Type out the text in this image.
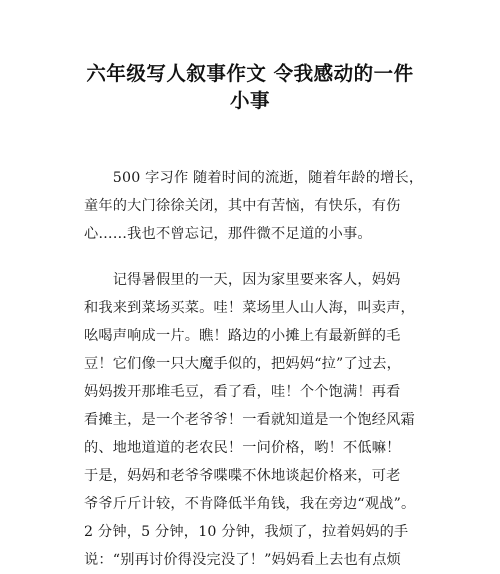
六年级写人叙事作文 令我感动的一件
小事
　　500 字习作 随着时间的流逝，随着年龄的增长，
童年的大门徐徐关闭，其中有苦恼，有快乐，有伤
心……我也不曾忘记，那件微不足道的小事。
　　记得暑假里的一天，因为家里要来客人，妈妈
和我来到菜场买菜。哇！菜场里人山人海，叫卖声，
吆喝声响成一片。瞧！路边的小摊上有最新鲜的毛
豆！它们像一只大魔手似的，把妈妈“拉”了过去，
妈妈拨开那堆毛豆，看了看，哇！个个饱满！再看
看摊主，是一个老爷爷！一看就知道是一个饱经风霜
的、地地道道的老农民！一问价格，哟！不低嘛！
于是，妈妈和老爷爷喋喋不休地谈起价格来，可老
爷爷斤斤计较，不肯降低半角钱，我在旁边“观战”。
2 分钟，5 分钟，10 分钟，我烦了，拉着妈妈的手
说：“别再讨价得没完没了！”妈妈看上去也有点烦
